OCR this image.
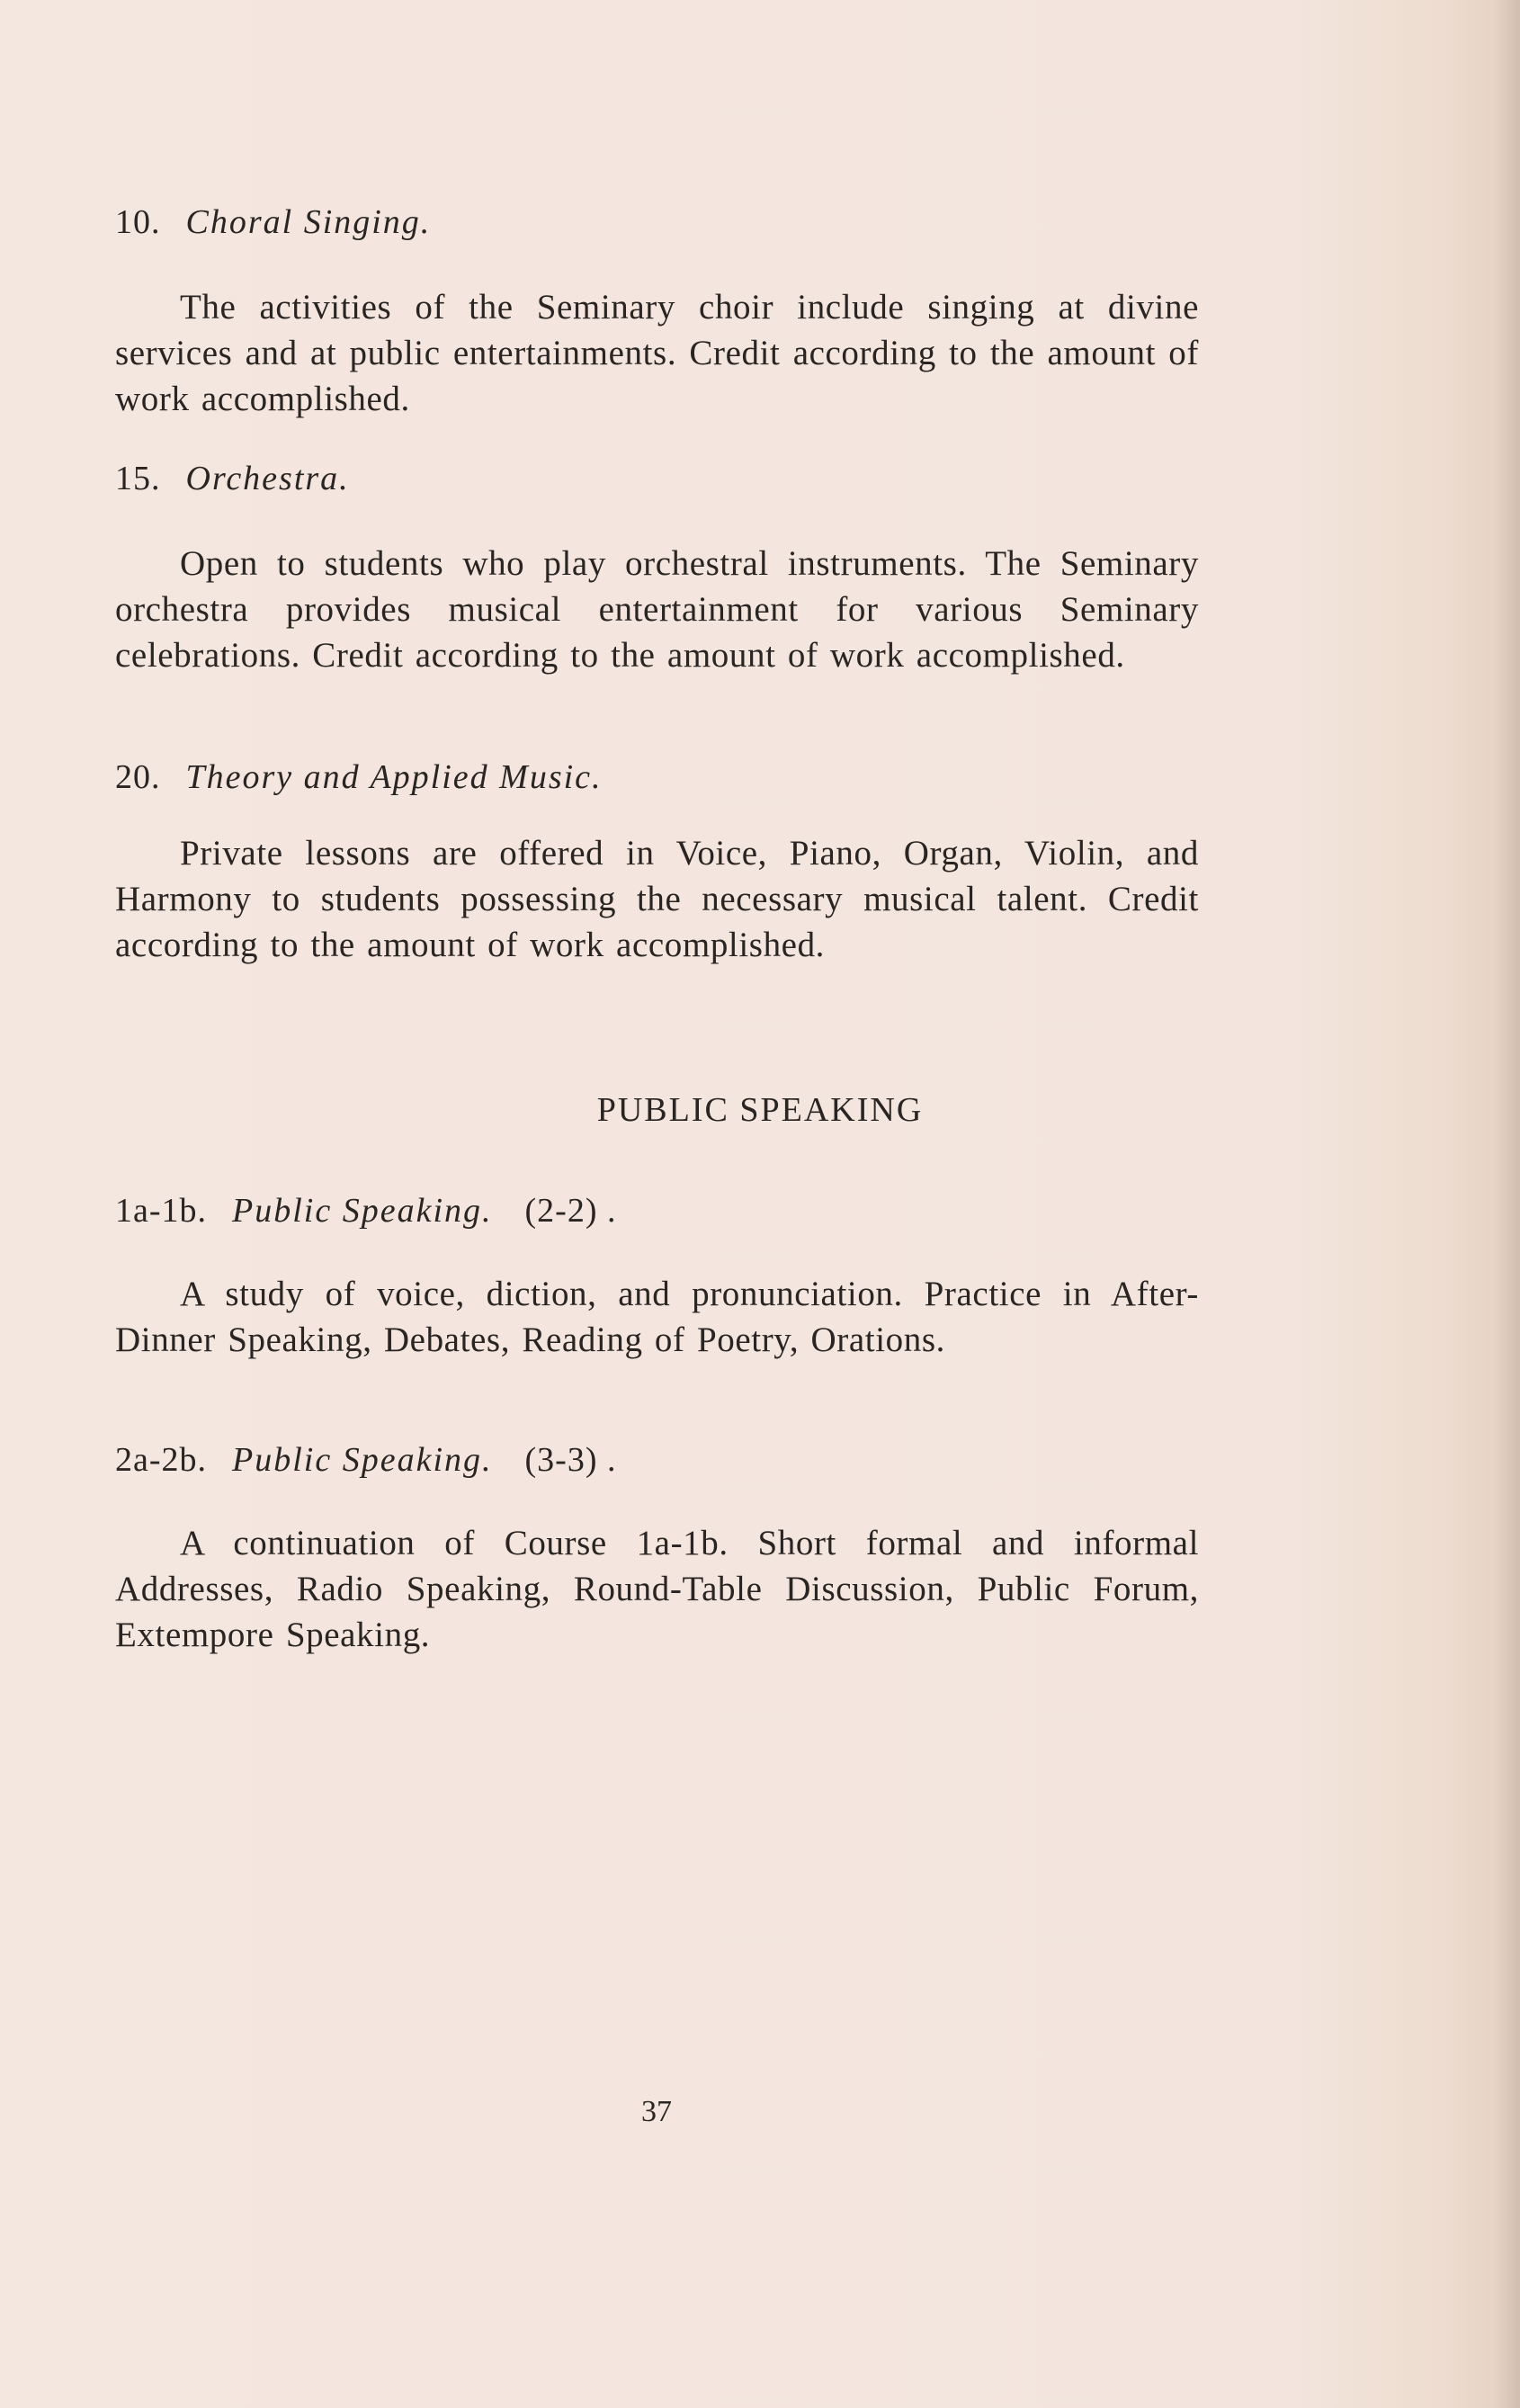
10. Choral Singing.
The activities of the Seminary choir include singing at divine services and at public entertainments. Credit according to the amount of work accomplished.
15. Orchestra.
Open to students who play orchestral instruments. The Seminary orchestra provides musical entertainment for various Seminary celebrations. Credit according to the amount of work accomplished.
20. Theory and Applied Music.
Private lessons are offered in Voice, Piano, Organ, Violin, and Harmony to students possessing the necessary musical talent. Credit according to the amount of work accomplished.
PUBLIC SPEAKING
1a-1b. Public Speaking. (2-2) .
A study of voice, diction, and pronunciation. Practice in After-Dinner Speaking, Debates, Reading of Poetry, Orations.
2a-2b. Public Speaking. (3-3) .
A continuation of Course 1a-1b. Short formal and informal Addresses, Radio Speaking, Round-Table Discussion, Public Forum, Extempore Speaking.
37
